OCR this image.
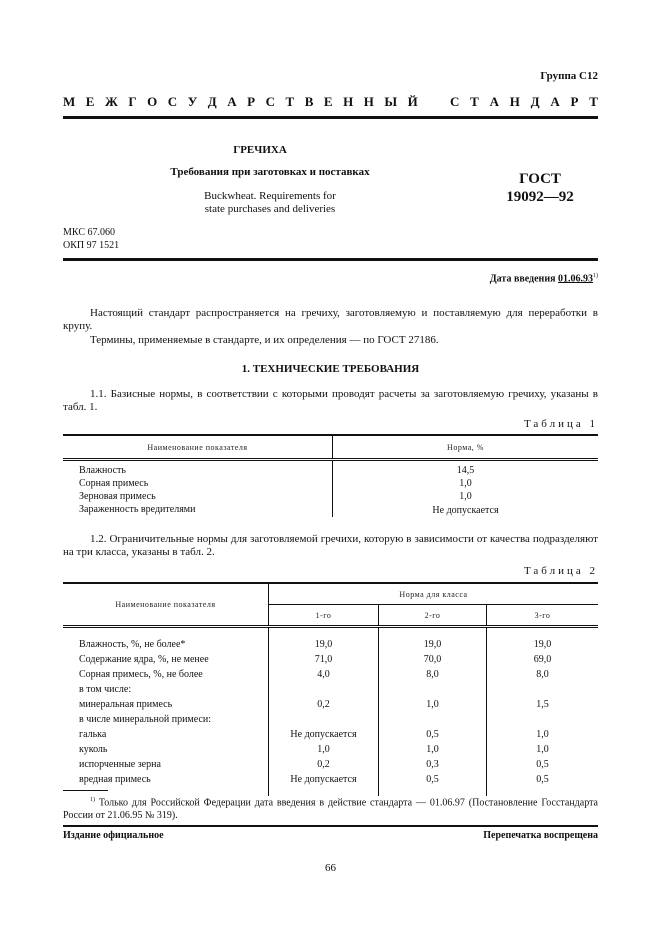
Группа С12
М Е Ж Г О С У Д А Р С Т В Е Н Н Ы Й С Т А Н Д А Р Т
ГРЕЧИХА
Требования при заготовках и поставках
Buckwheat. Requirements for
state purchases and deliveries
ГОСТ
19092—92
МКС 67.060
ОКП 97 1521
Дата введения 01.06.93$^{1)}$
Настоящий стандарт распространяется на гречиху, заготовляемую и поставляемую для переработки в крупу.
Термины, применяемые в стандарте, и их определения — по ГОСТ 27186.
1. ТЕХНИЧЕСКИЕ ТРЕБОВАНИЯ
1.1. Базисные нормы, в соответствии с которыми проводят расчеты за заготовляемую гречиху, указаны в табл. 1.
Таблица 1
Наименование показателя	Норма, %
Влажность	14,5
Сорная примесь	1,0
Зерновая примесь	1,0
Зараженность вредителями	Не допускается
1.2. Ограничительные нормы для заготовляемой гречихи, которую в зависимости от качества подразделяют на три класса, указаны в табл. 2.
Таблица 2
Наименование показателя	Норма для класса		
	1-го	2-го	3-го
Влажность, %, не более*	19,0	19,0	19,0
Содержание ядра, %, не менее	71,0	70,0	69,0
Сорная примесь, %, не более	4,0	8,0	8,0
в том числе:			
минеральная примесь	0,2	1,0	1,5
в числе минеральной примеси:			
галька	Не допускается	0,5	1,0
куколь	1,0	1,0	1,0
испорченные зерна	0,2	0,3	0,5
вредная примесь	Не допускается	0,5	0,5
$^{1)}$ Только для Российской Федерации дата введения в действие стандарта — 01.06.97 (Постановление Госстандарта России от 21.06.95 № 319).
Издание официальное	Перепечатка воспрещена
66
